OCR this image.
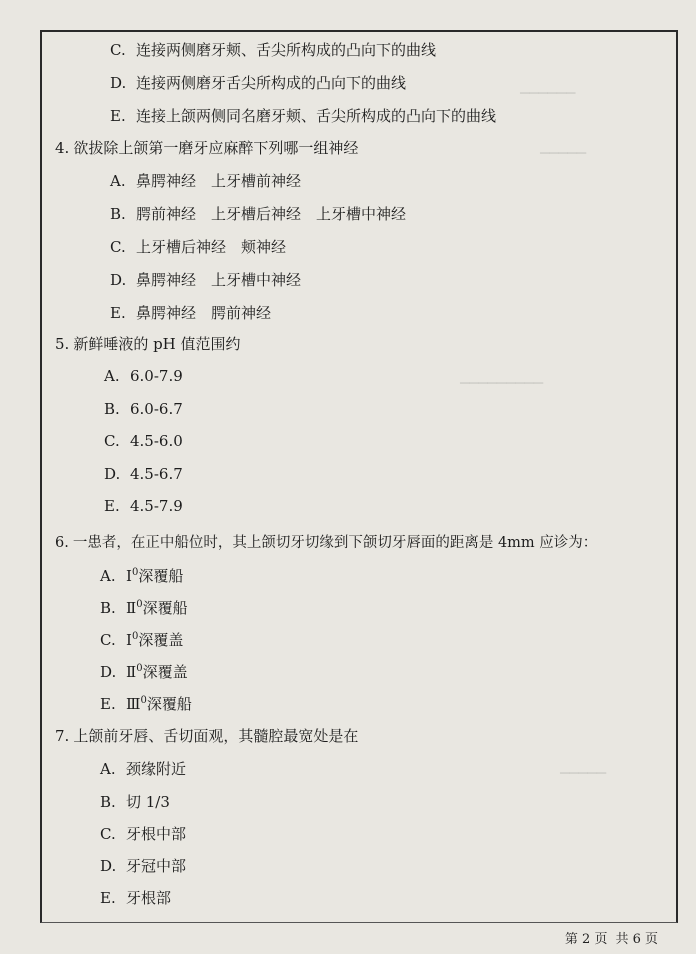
▁▁▁▁▁▁
▁▁▁▁▁
▁▁▁▁▁▁▁▁▁
▁▁▁▁▁
C. 连接两侧磨牙颊、舌尖所构成的凸向下的曲线
D. 连接两侧磨牙舌尖所构成的凸向下的曲线
E. 连接上颌两侧同名磨牙颊、舌尖所构成的凸向下的曲线
4. 欲拔除上颌第一磨牙应麻醉下列哪一组神经
A. 鼻腭神经　上牙槽前神经
B. 腭前神经　上牙槽后神经　上牙槽中神经
C. 上牙槽后神经　颊神经
D. 鼻腭神经　上牙槽中神经
E. 鼻腭神经　腭前神经
5. 新鲜唾液的 pH 值范围约
A. 6.0-7.9
B. 6.0-6.7
C. 4.5-6.0
D. 4.5-6.7
E. 4.5-7.9
6. 一患者，在正中船位时，其上颌切牙切缘到下颌切牙唇面的距离是 4mm 应诊为：
A. Ⅰ$^0$深覆船
B. Ⅱ$^0$深覆船
C. Ⅰ$^0$深覆盖
D. Ⅱ$^0$深覆盖
E. Ⅲ$^0$深覆船
7. 上颌前牙唇、舌切面观，其髓腔最宽处是在
A. 颈缘附近
B. 切 1/3
C. 牙根中部
D. 牙冠中部
E. 牙根部
第 2 页 共 6 页
